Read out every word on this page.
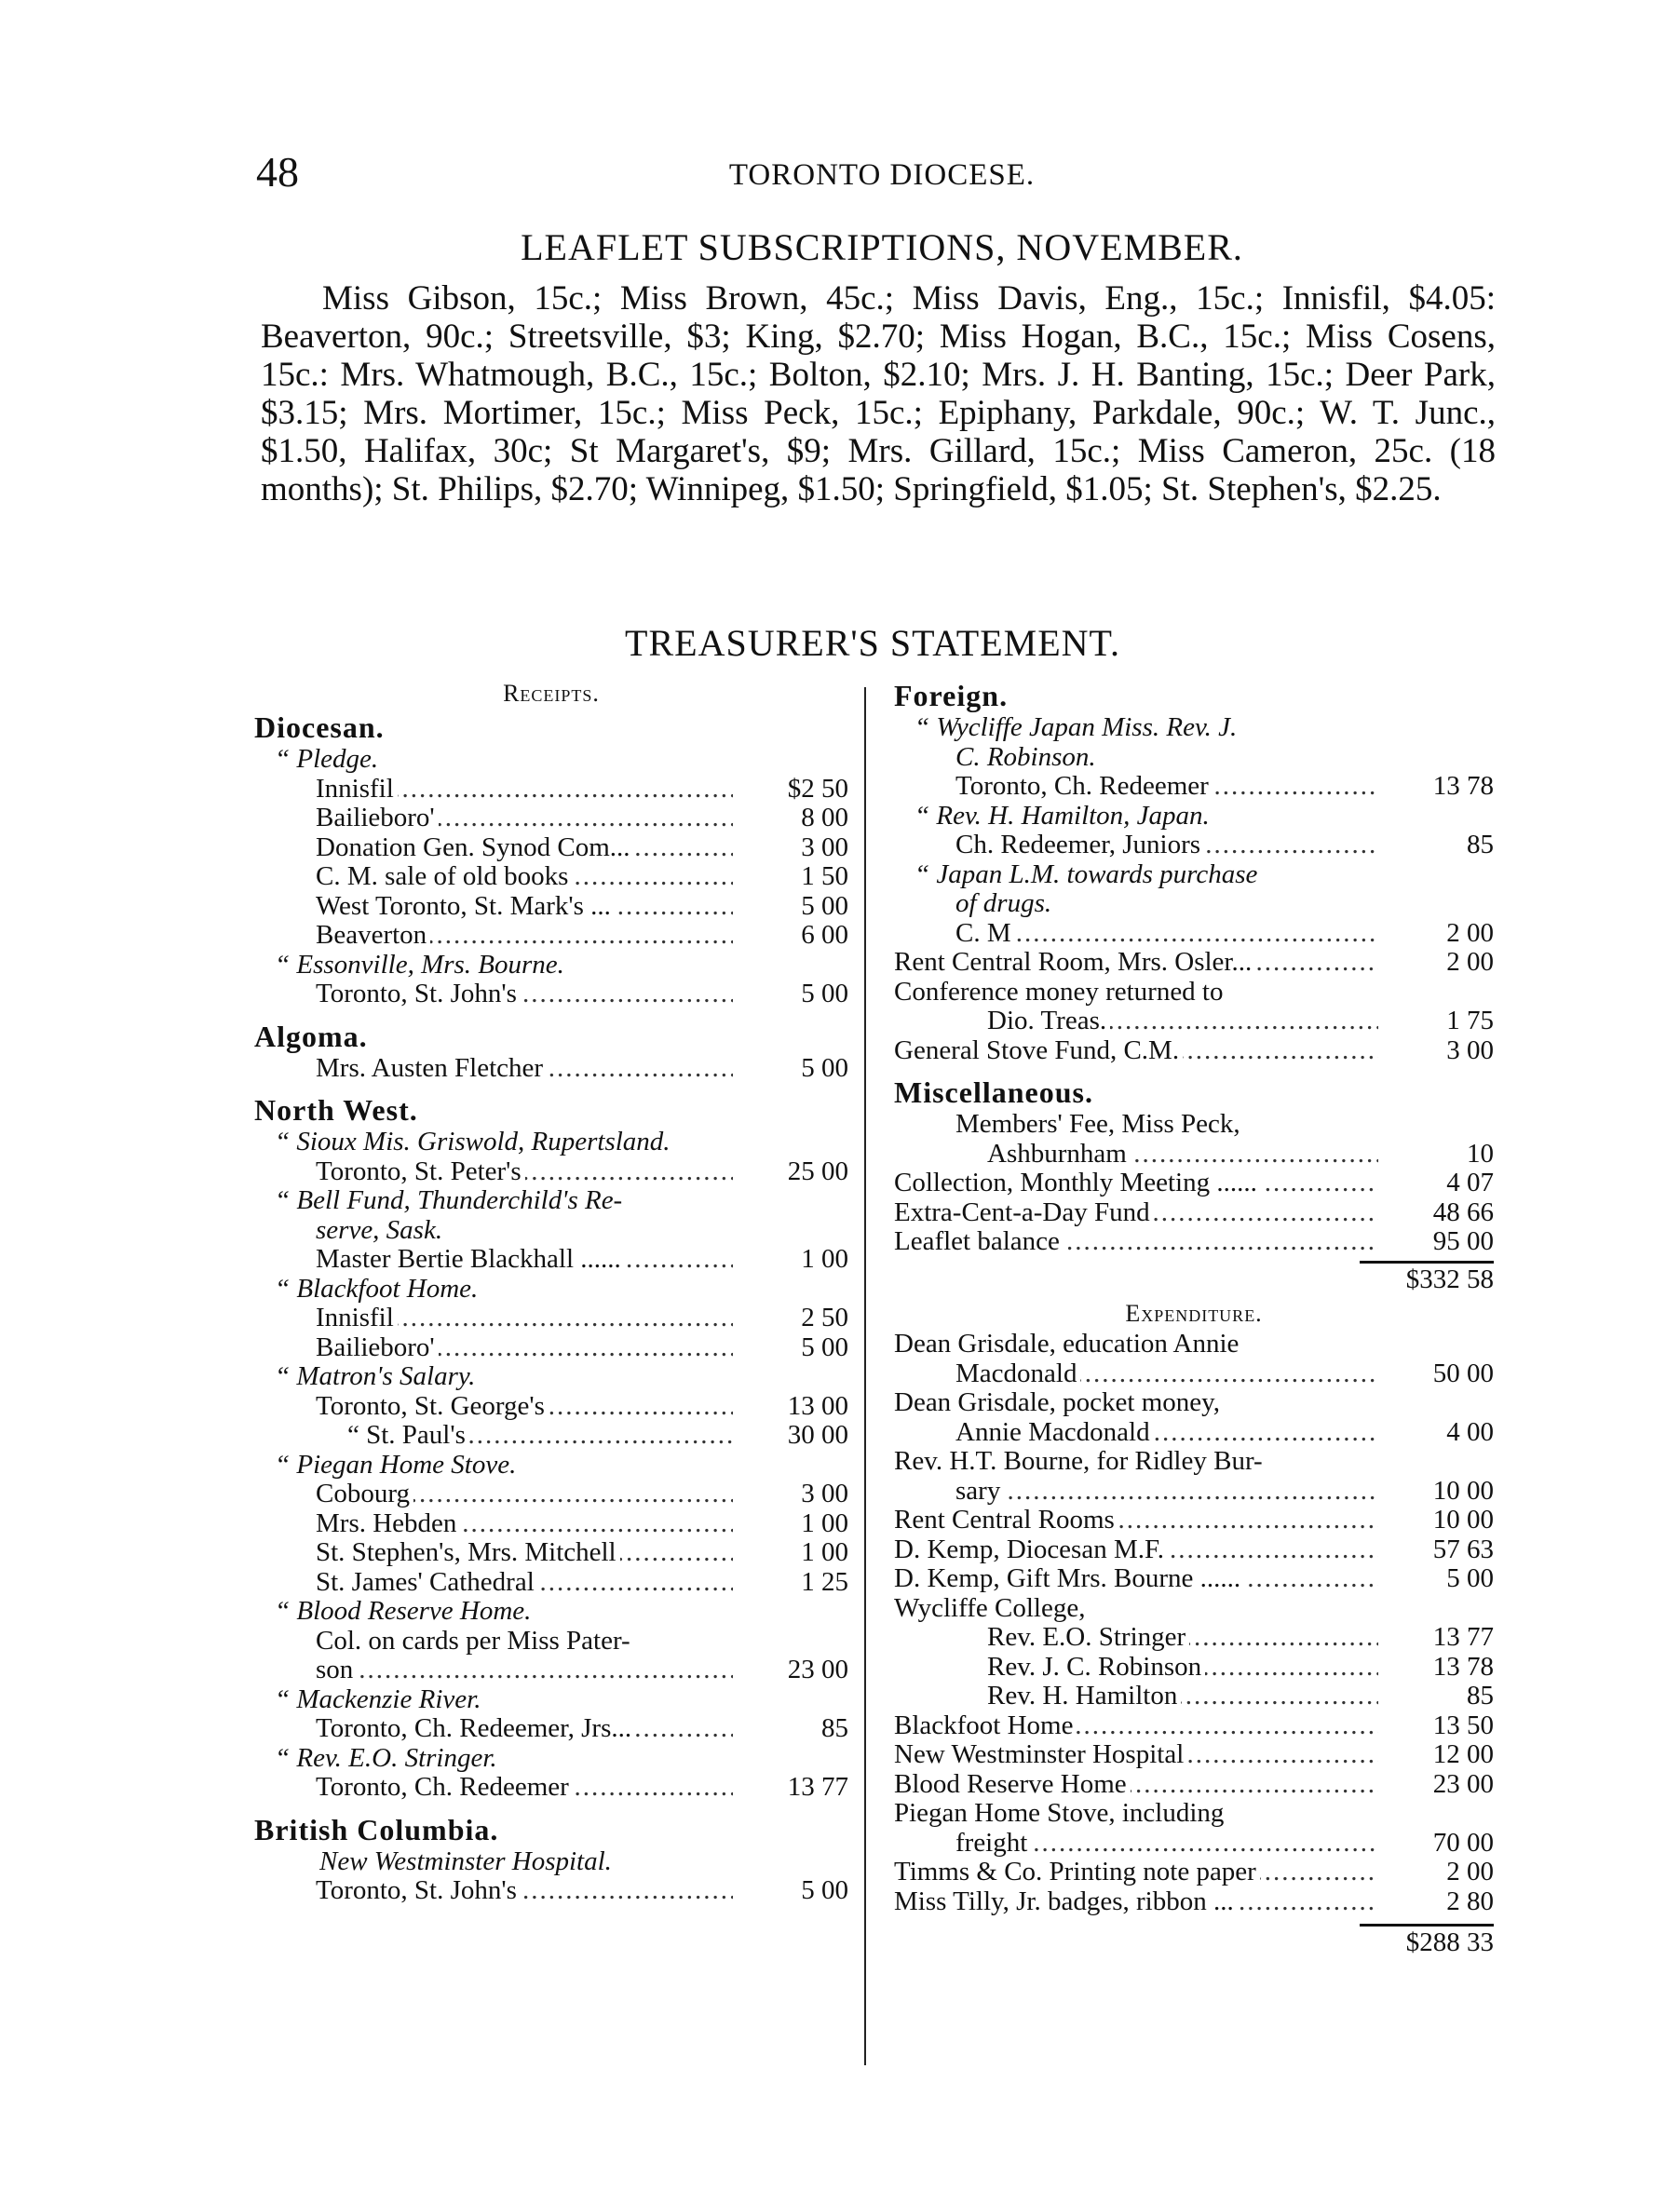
48	TORONTO DIOCESE.
LEAFLET SUBSCRIPTIONS, NOVEMBER.
Miss Gibson, 15c.; Miss Brown, 45c.; Miss Davis, Eng., 15c.; Innisfil, $4.05: Beaverton, 90c.; Streetsville, $3; King, $2.70; Miss Hogan, B.C., 15c.; Miss Cosens, 15c.: Mrs. Whatmough, B.C., 15c.; Bolton, $2.10; Mrs. J. H. Banting, 15c.; Deer Park, $3.15; Mrs. Mortimer, 15c.; Miss Peck, 15c.; Epiphany, Parkdale, 90c.; W. T. Junc., $1.50, Halifax, 30c; St Margaret's, $9; Mrs. Gillard, 15c.; Miss Cameron, 25c. (18 months); St. Philips, $2.70; Winnipeg, $1.50; Springfield, $1.05; St. Stephen's, $2.25.
TREASURER'S STATEMENT.
Receipts.
Diocesan.
“ Pledge.
Innisfil .....	$2 50
Bailieboro' .....	8 00
Donation Gen. Synod Com... .....	3 00
C. M. sale of old books .....	1 50
West Toronto, St. Mark's ... .....	5 00
Beaverton .....	6 00
“ Essonville, Mrs. Bourne.
Toronto, St. John's .....	5 00
Algoma.
Mrs. Austen Fletcher .....	5 00
North West.
“ Sioux Mis. Griswold, Rupertsland.
Toronto, St. Peter's .....	25 00
“ Bell Fund, Thunderchild's Re-
serve, Sask.
Master Bertie Blackhall ...... .....	1 00
“ Blackfoot Home.
Innisfil .....	2 50
Bailieboro' .....	5 00
“ Matron's Salary.
Toronto, St. George's .....	13 00
“ St. Paul's .....	30 00
“ Piegan Home Stove.
Cobourg .....	3 00
Mrs. Hebden .....	1 00
St. Stephen's, Mrs. Mitchell .....	1 00
St. James' Cathedral .....	1 25
“ Blood Reserve Home.
Col. on cards per Miss Pater-
son .....	23 00
“ Mackenzie River.
Toronto, Ch. Redeemer, Jrs... .....	85
“ Rev. E.O. Stringer.
Toronto, Ch. Redeemer .....	13 77
British Columbia.
New Westminster Hospital.
Toronto, St. John's .....	5 00
Foreign.
“ Wycliffe Japan Miss. Rev. J.
C. Robinson.
Toronto, Ch. Redeemer .....	13 78
“ Rev. H. Hamilton, Japan.
Ch. Redeemer, Juniors .....	85
“ Japan L.M. towards purchase
of drugs.
C. M .....	2 00
Rent Central Room, Mrs. Osler... .....	2 00
Conference money returned to
Dio. Treas. .....	1 75
General Stove Fund, C.M. .....	3 00
Miscellaneous.
Members' Fee, Miss Peck,
Ashburnham .....	10
Collection, Monthly Meeting ...... .....	4 07
Extra-Cent-a-Day Fund .....	48 66
Leaflet balance .....	95 00
$332 58
Expenditure.
Dean Grisdale, education Annie
Macdonald .....	50 00
Dean Grisdale, pocket money,
Annie Macdonald .....	4 00
Rev. H.T. Bourne, for Ridley Bur-
sary .....	10 00
Rent Central Rooms .....	10 00
D. Kemp, Diocesan M.F. .....	57 63
D. Kemp, Gift Mrs. Bourne ...... .....	5 00
Wycliffe College,
Rev. E.O. Stringer .....	13 77
Rev. J. C. Robinson .....	13 78
Rev. H. Hamilton .....	85
Blackfoot Home .....	13 50
New Westminster Hospital .....	12 00
Blood Reserve Home .....	23 00
Piegan Home Stove, including
freight .....	70 00
Timms & Co. Printing note paper .....	2 00
Miss Tilly, Jr. badges, ribbon ... .....	2 80
$288 33
